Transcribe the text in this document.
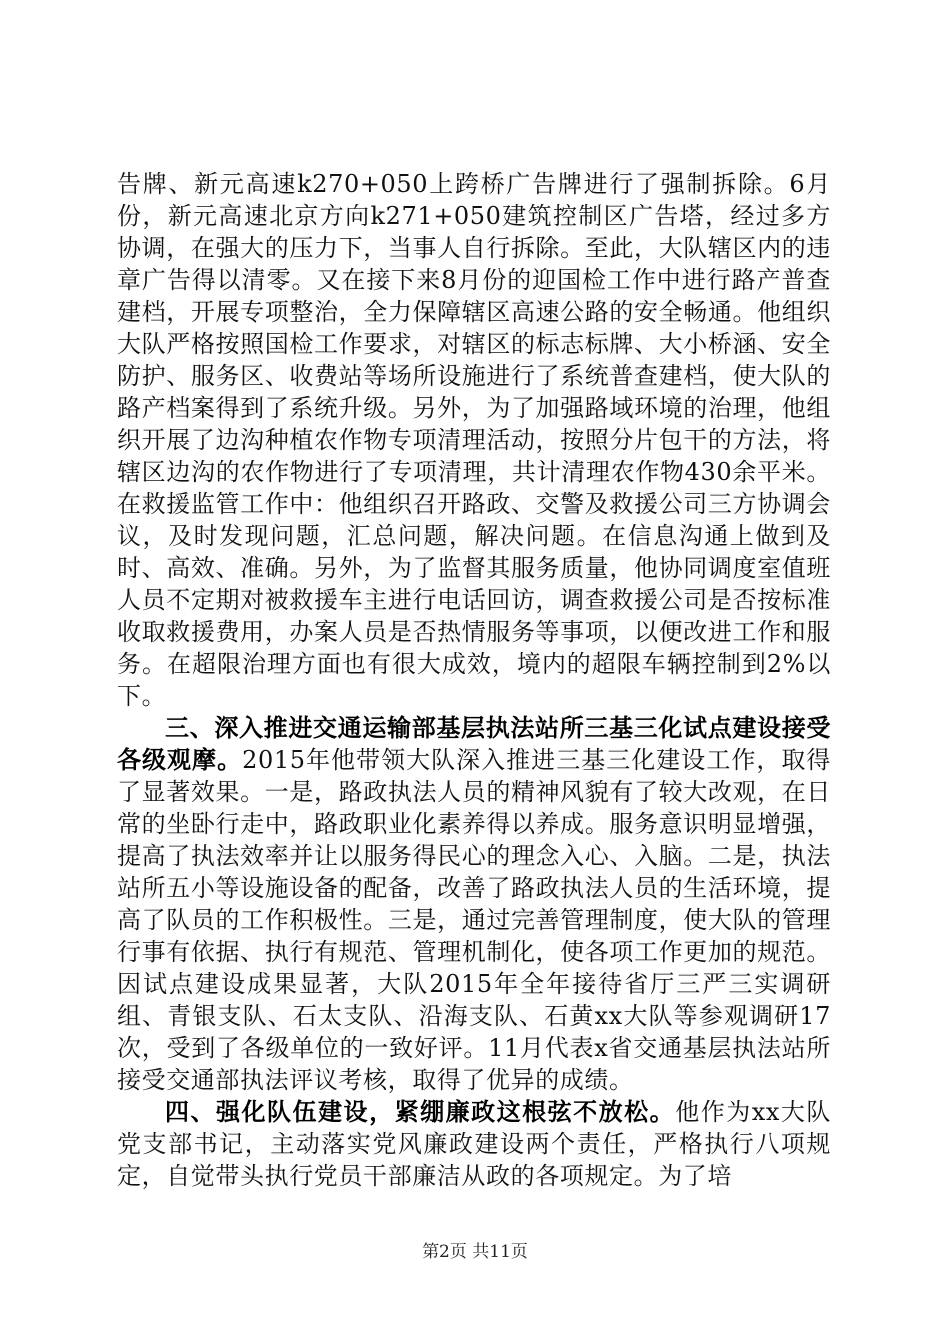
告牌、新元高速k270+050上跨桥广告牌进行了强制拆除。6月份，新元高速北京方向k271+050建筑控制区广告塔，经过多方协调，在强大的压力下，当事人自行拆除。至此，大队辖区内的违章广告得以清零。又在接下来8月份的迎国检工作中进行路产普查建档，开展专项整治，全力保障辖区高速公路的安全畅通。他组织大队严格按照国检工作要求，对辖区的标志标牌、大小桥涵、安全防护、服务区、收费站等场所设施进行了系统普查建档，使大队的路产档案得到了系统升级。另外，为了加强路域环境的治理，他组织开展了边沟种植农作物专项清理活动，按照分片包干的方法，将辖区边沟的农作物进行了专项清理，共计清理农作物430余平米。在救援监管工作中：他组织召开路政、交警及救援公司三方协调会议，及时发现问题，汇总问题，解决问题。在信息沟通上做到及时、高效、准确。另外，为了监督其服务质量，他协同调度室值班人员不定期对被救援车主进行电话回访，调查救援公司是否按标准收取救援费用，办案人员是否热情服务等事项，以便改进工作和服务。在超限治理方面也有很大成效，境内的超限车辆控制到2%以下。

三、深入推进交通运输部基层执法站所三基三化试点建设接受各级观摩。2015年他带领大队深入推进三基三化建设工作，取得了显著效果。一是，路政执法人员的精神风貌有了较大改观，在日常的坐卧行走中，路政职业化素养得以养成。服务意识明显增强，提高了执法效率并让以服务得民心的理念入心、入脑。二是，执法站所五小等设施设备的配备，改善了路政执法人员的生活环境，提高了队员的工作积极性。三是，通过完善管理制度，使大队的管理行事有依据、执行有规范、管理机制化，使各项工作更加的规范。因试点建设成果显著，大队2015年全年接待省厅三严三实调研组、青银支队、石太支队、沿海支队、石黄xx大队等参观调研17次，受到了各级单位的一致好评。11月代表x省交通基层执法站所接受交通部执法评议考核，取得了优异的成绩。

四、强化队伍建设，紧绷廉政这根弦不放松。他作为xx大队党支部书记，主动落实党风廉政建设两个责任，严格执行八项规定，自觉带头执行党员干部廉洁从政的各项规定。为了培

第2页 共11页
